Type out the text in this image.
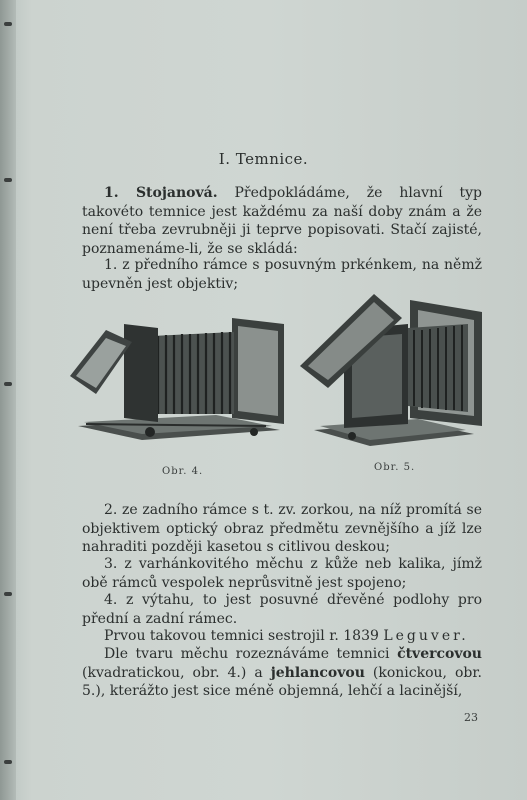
I. Temnice.

1. Stojanová. Předpokládáme, že hlavní typ takovéto temnice jest každému za naší doby znám a že není třeba zevrubněji ji teprve popisovati. Stačí zajisté, poznamenáme-li, že se skládá:

1. z předního rámce s posuvným prkénkem, na němž upevněn jest objektiv;

Obr. 4.	Obr. 5.

2. ze zadního rámce s t. zv. zorkou, na níž promítá se objektivem optický obraz předmětu zevnějšího a jíž lze nahraditi později kasetou s citlivou deskou;

3. z varhánkovitého měchu z kůže neb kalika, jímž obě rámců vespolek neprůsvitně jest spojeno;

4. z výtahu, to jest posuvné dřevěné podlohy pro přední a zadní rámec.

Prvou takovou temnici sestrojil r. 1839 Leguver.

Dle tvaru měchu rozeznáváme temnici čtvercovou (kvadratickou, obr. 4.) a jehlancovou (konickou, obr. 5.), kterážto jest sice méně objemná, lehčí a lacinější,

23
